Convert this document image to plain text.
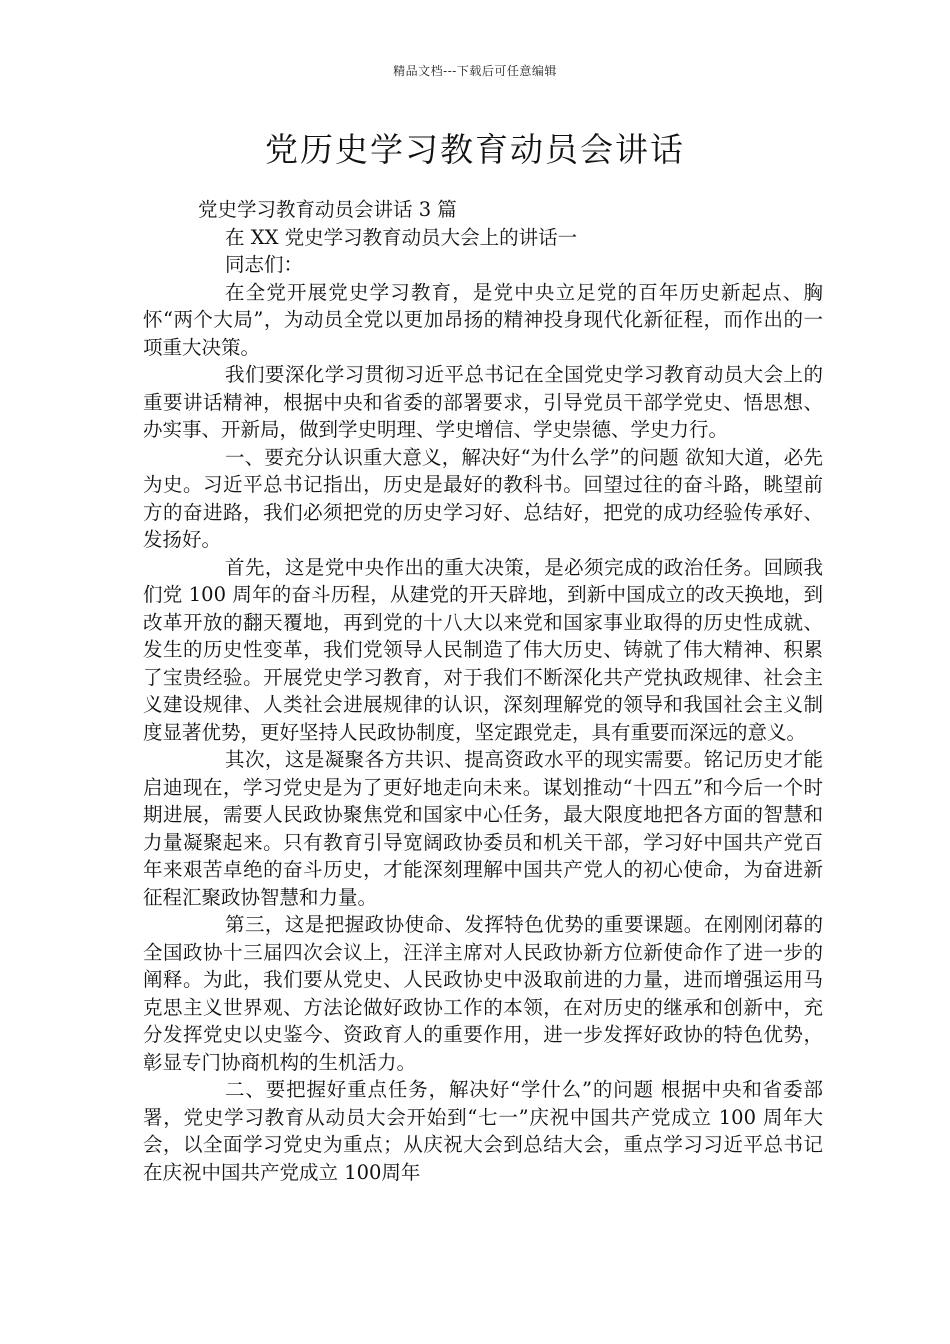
精品文档---下载后可任意编辑
党历史学习教育动员会讲话

党史学习教育动员会讲话 3 篇

在 XX 党史学习教育动员大会上的讲话一

同志们：

在全党开展党史学习教育，是党中央立足党的百年历史新起点、胸怀“两个大局”，为动员全党以更加昂扬的精神投身现代化新征程，而作出的一项重大决策。

我们要深化学习贯彻习近平总书记在全国党史学习教育动员大会上的重要讲话精神，根据中央和省委的部署要求，引导党员干部学党史、悟思想、办实事、开新局，做到学史明理、学史增信、学史崇德、学史力行。

一、要充分认识重大意义，解决好“为什么学”的问题 欲知大道，必先为史。习近平总书记指出，历史是最好的教科书。回望过往的奋斗路，眺望前方的奋进路，我们必须把党的历史学习好、总结好，把党的成功经验传承好、发扬好。

首先，这是党中央作出的重大决策，是必须完成的政治任务。回顾我们党 100 周年的奋斗历程，从建党的开天辟地，到新中国成立的改天换地，到改革开放的翻天覆地，再到党的十八大以来党和国家事业取得的历史性成就、发生的历史性变革，我们党领导人民制造了伟大历史、铸就了伟大精神、积累了宝贵经验。开展党史学习教育，对于我们不断深化共产党执政规律、社会主义建设规律、人类社会进展规律的认识，深刻理解党的领导和我国社会主义制度显著优势，更好坚持人民政协制度，坚定跟党走，具有重要而深远的意义。

其次，这是凝聚各方共识、提高资政水平的现实需要。铭记历史才能启迪现在，学习党史是为了更好地走向未来。谋划推动“十四五”和今后一个时期进展，需要人民政协聚焦党和国家中心任务，最大限度地把各方面的智慧和力量凝聚起来。只有教育引导宽阔政协委员和机关干部，学习好中国共产党百年来艰苦卓绝的奋斗历史，才能深刻理解中国共产党人的初心使命，为奋进新征程汇聚政协智慧和力量。

第三，这是把握政协使命、发挥特色优势的重要课题。在刚刚闭幕的全国政协十三届四次会议上，汪洋主席对人民政协新方位新使命作了进一步的阐释。为此，我们要从党史、人民政协史中汲取前进的力量，进而增强运用马克思主义世界观、方法论做好政协工作的本领，在对历史的继承和创新中，充分发挥党史以史鉴今、资政育人的重要作用，进一步发挥好政协的特色优势，彰显专门协商机构的生机活力。

二、要把握好重点任务，解决好“学什么”的问题 根据中央和省委部署，党史学习教育从动员大会开始到“七一”庆祝中国共产党成立 100 周年大会，以全面学习党史为重点；从庆祝大会到总结大会，重点学习习近平总书记在庆祝中国共产党成立 100周年
